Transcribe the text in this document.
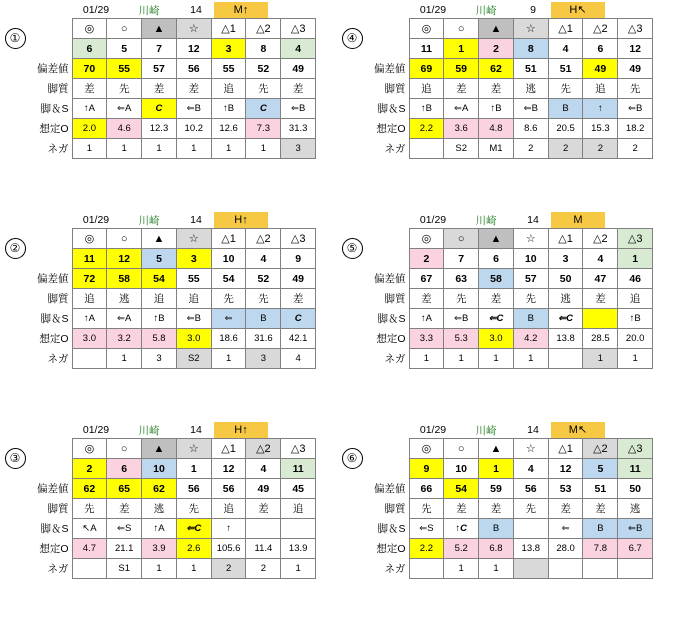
①
01/29	川崎	14	M↑
	◎	○	▲	☆	△1	△2	△3
	6	5	7	12	3	8	4
偏差値	70	55	57	56	55	52	49
脚質	差	先	差	差	追	先	差
脚＆S	↑A	⇐A	C	⇐B	↑B	C	⇐B
想定O	2.0	4.6	12.3	10.2	12.6	7.3	31.3
ネガ	1	1	1	1	1	1	3
④
01/29	川崎	9	H↖
	◎	○	▲	☆	△1	△2	△3
	11	1	2	8	4	6	12
偏差値	69	59	62	51	51	49	49
脚質	追	差	差	逃	先	追	先
脚＆S	↑B	⇐A	↑B	⇐B	B	↑	⇐B
想定O	2.2	3.6	4.8	8.6	20.5	15.3	18.2
ネガ		S2	M1	2	2	2	2
②
01/29	川崎	14	H↑
	◎	○	▲	☆	△1	△2	△3
	11	12	5	3	10	4	9
偏差値	72	58	54	55	54	52	49
脚質	追	逃	追	追	先	先	差
脚＆S	↑A	⇐A	↑B	⇐B	⇐	B	C
想定O	3.0	3.2	5.8	3.0	18.6	31.6	42.1
ネガ		1	3	S2	1	3	4
⑤
01/29	川崎	14	M
	◎	○	▲	☆	△1	△2	△3
	2	7	6	10	3	4	1
偏差値	67	63	58	57	50	47	46
脚質	差	先	差	先	逃	差	追
脚＆S	↑A	⇐B	⇐C	B	⇐C		↑B
想定O	3.3	5.3	3.0	4.2	13.8	28.5	20.0
ネガ	1	1	1	1		1	1
③
01/29	川崎	14	H↑
	◎	○	▲	☆	△1	△2	△3
	2	6	10	1	12	4	11
偏差値	62	65	62	56	56	49	45
脚質	先	差	逃	先	追	差	追
脚＆S	↖A	⇐S	↑A	⇐C	↑		
想定O	4.7	21.1	3.9	2.6	105.6	11.4	13.9
ネガ		S1	1	1	2	2	1
⑥
01/29	川崎	14	M↖
	◎	○	▲	☆	△1	△2	△3
	9	10	1	4	12	5	11
偏差値	66	54	59	56	53	51	50
脚質	先	差	差	先	差	差	逃
脚＆S	⇐S	↑C	B		⇐	B	⇐B
想定O	2.2	5.2	6.8	13.8	28.0	7.8	6.7
ネガ		1	1				
